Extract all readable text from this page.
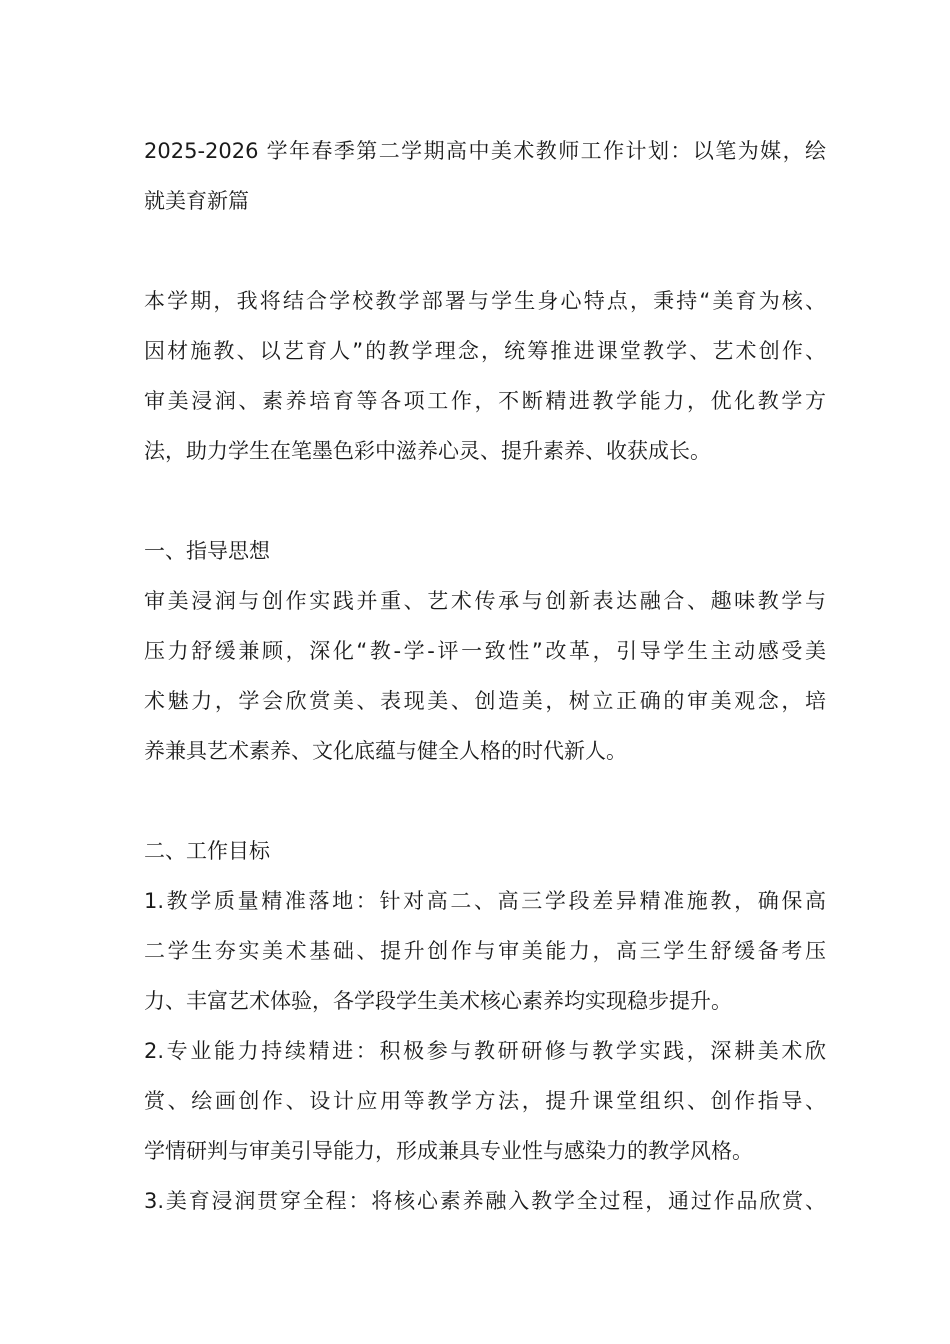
2025-2026 学年春季第二学期高中美术教师工作计划：以笔为媒，绘

就美育新篇

本学期，我将结合学校教学部署与学生身心特点，秉持“美育为核、

因材施教、以艺育人”的教学理念，统筹推进课堂教学、艺术创作、

审美浸润、素养培育等各项工作，不断精进教学能力，优化教学方

法，助力学生在笔墨色彩中滋养心灵、提升素养、收获成长。

一、指导思想

审美浸润与创作实践并重、艺术传承与创新表达融合、趣味教学与

压力舒缓兼顾，深化“教-学-评一致性”改革，引导学生主动感受美

术魅力，学会欣赏美、表现美、创造美，树立正确的审美观念，培

养兼具艺术素养、文化底蕴与健全人格的时代新人。

二、工作目标

1.教学质量精准落地：针对高二、高三学段差异精准施教，确保高

二学生夯实美术基础、提升创作与审美能力，高三学生舒缓备考压

力、丰富艺术体验，各学段学生美术核心素养均实现稳步提升。

2.专业能力持续精进：积极参与教研研修与教学实践，深耕美术欣

赏、绘画创作、设计应用等教学方法，提升课堂组织、创作指导、

学情研判与审美引导能力，形成兼具专业性与感染力的教学风格。

3.美育浸润贯穿全程：将核心素养融入教学全过程，通过作品欣赏、
